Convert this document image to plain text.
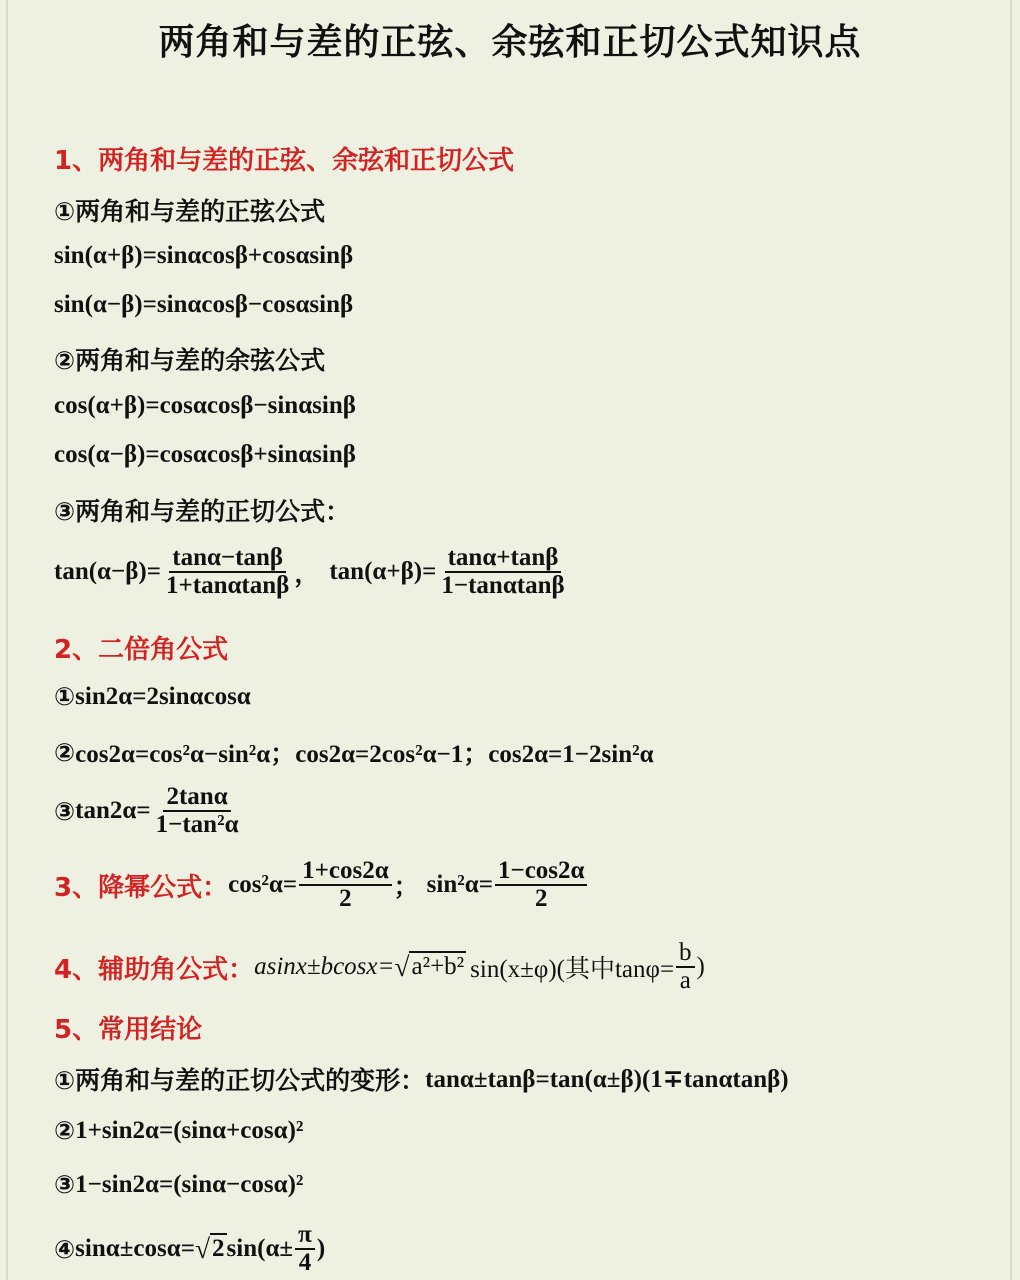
两角和与差的正弦、余弦和正切公式知识点
1、两角和与差的正弦、余弦和正切公式
①两角和与差的正弦公式
sin(α+β)=sinαcosβ+cosαsinβ
sin(α−β)=sinαcosβ−cosαsinβ
②两角和与差的余弦公式
cos(α+β)=cosαcosβ−sinαsinβ
cos(α−β)=cosαcosβ+sinαsinβ
③两角和与差的正切公式：
$\tan(\alpha-\beta)= \frac{\tan\alpha-\tan\beta}{1+\tan\alpha\tan\beta}$ ， $\tan(\alpha+\beta)= \frac{\tan\alpha+\tan\beta}{1-\tan\alpha\tan\beta}$
2、二倍角公式
① sin2α=2sinαcosα
② cos2α=cos²α−sin²α；cos2α=2cos²α−1；cos2α=1−2sin²α
③ $\tan 2\alpha= \frac{2\tan\alpha}{\text{1−tan²α}}$
3、降幂公式： $\cos^2\alpha= \frac{1+\cos 2\alpha}{2}$ ； $\sin^2\alpha= \frac{1-\cos 2\alpha}{2}$
4、辅助角公式： asinx±bcosx= √ a²+b² sin(x±φ)(其中$\tan\varphi= \frac{b}{a}$ )
5、常用结论
①两角和与差的正切公式的变形： tanα±tanβ=tan(α±β)(1∓tanαtanβ)
② 1+sin2α=(sinα+cosα)²
③ 1−sin2α=(sinα−cosα)²
④ sinα±cosα= √ 2 $\sin(\alpha\pm \frac{\pi}{4}$ )
